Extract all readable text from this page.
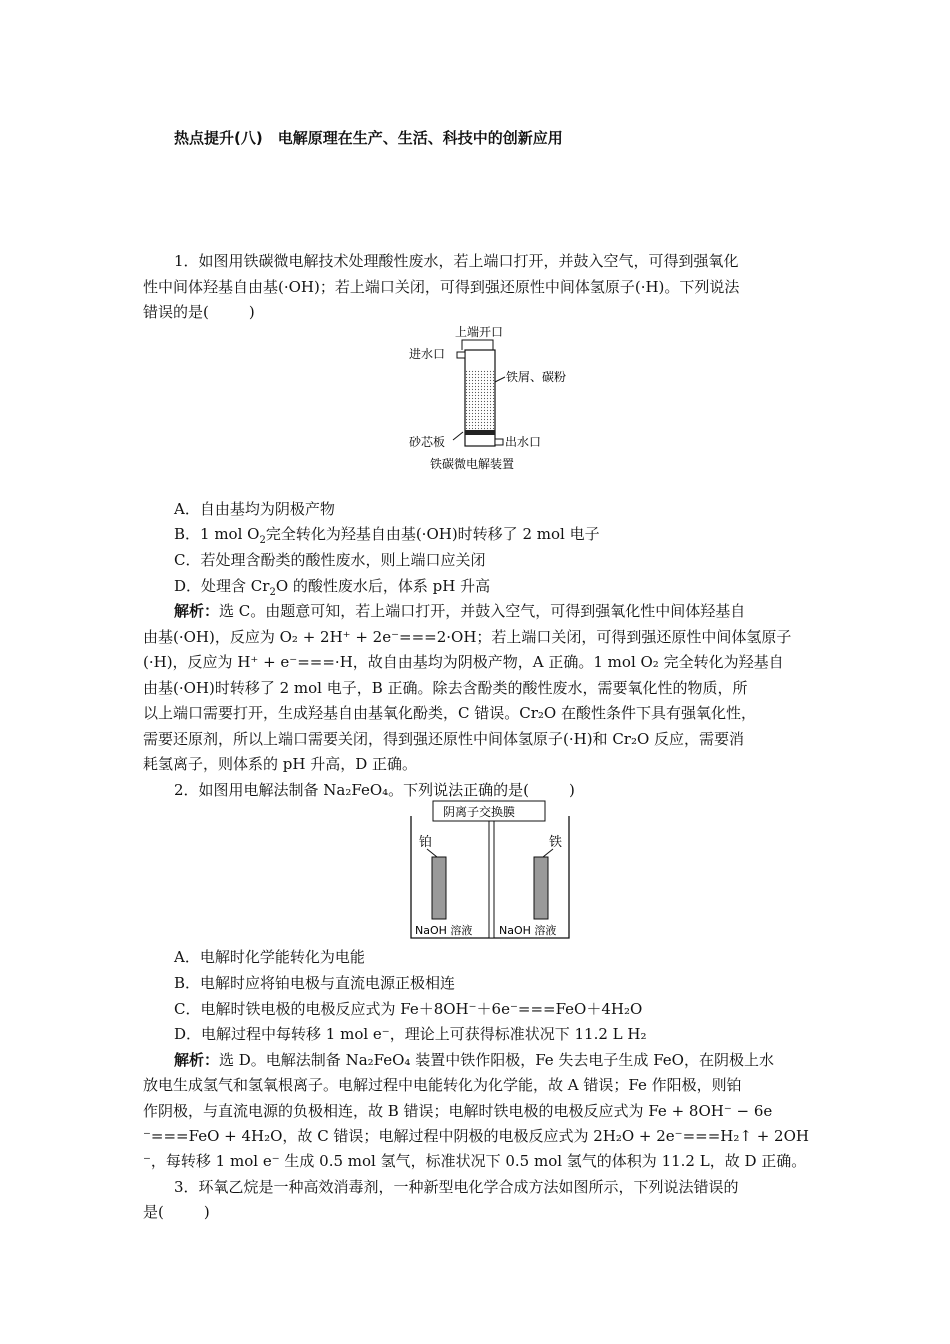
热点提升(八)　电解原理在生产、生活、科技中的创新应用
1．如图用铁碳微电解技术处理酸性废水，若上端口打开，并鼓入空气，可得到强氧化
性中间体羟基自由基(·OH)；若上端口关闭，可得到强还原性中间体氢原子(·H)。下列说法
错误的是(	)
上端开口
进水口
铁屑、碳粉
砂芯板	出水口
铁碳微电解装置
A．自由基均为阴极产物
B．1 mol $O_2$完全转化为羟基自由基(·OH)时转移了 2 mol 电子
C．若处理含酚类的酸性废水，则上端口应关闭
D．处理含 $Cr_2O$ 的酸性废水后，体系 pH 升高
解析：选 C。由题意可知，若上端口打开，并鼓入空气，可得到强氧化性中间体羟基自
由基(·OH)，反应为 O₂ + 2H⁺ + 2e⁻===2·OH；若上端口关闭，可得到强还原性中间体氢原子
(·H)，反应为 H⁺ + e⁻===·H，故自由基均为阴极产物，A 正确。1 mol O₂ 完全转化为羟基自
由基(·OH)时转移了 2 mol 电子，B 正确。除去含酚类的酸性废水，需要氧化性的物质，所
以上端口需要打开，生成羟基自由基氧化酚类，C 错误。Cr₂O 在酸性条件下具有强氧化性，
需要还原剂，所以上端口需要关闭，得到强还原性中间体氢原子(·H)和 Cr₂O 反应，需要消
耗氢离子，则体系的 pH 升高，D 正确。
2．如图用电解法制备 Na₂FeO₄。下列说法正确的是(	)
阴离子交换膜
铂	铁
NaOH 溶液 NaOH 溶液
A．电解时化学能转化为电能
B．电解时应将铂电极与直流电源正极相连
C．电解时铁电极的电极反应式为 Fe＋8OH⁻＋6e⁻===FeO＋4H₂O
D．电解过程中每转移 1 mol e⁻，理论上可获得标准状况下 11.2 L H₂
解析：选 D。电解法制备 Na₂FeO₄ 装置中铁作阳极，Fe 失去电子生成 FeO，在阴极上水
放电生成氢气和氢氧根离子。电解过程中电能转化为化学能，故 A 错误；Fe 作阳极，则铂
作阴极，与直流电源的负极相连，故 B 错误；电解时铁电极的电极反应式为 Fe + 8OH⁻ − 6e
⁻===FeO + 4H₂O，故 C 错误；电解过程中阴极的电极反应式为 2H₂O + 2e⁻===H₂↑ + 2OH
⁻，每转移 1 mol e⁻ 生成 0.5 mol 氢气，标准状况下 0.5 mol 氢气的体积为 11.2 L，故 D 正确。
3．环氧乙烷是一种高效消毒剂，一种新型电化学合成方法如图所示，下列说法错误的
是(	)
